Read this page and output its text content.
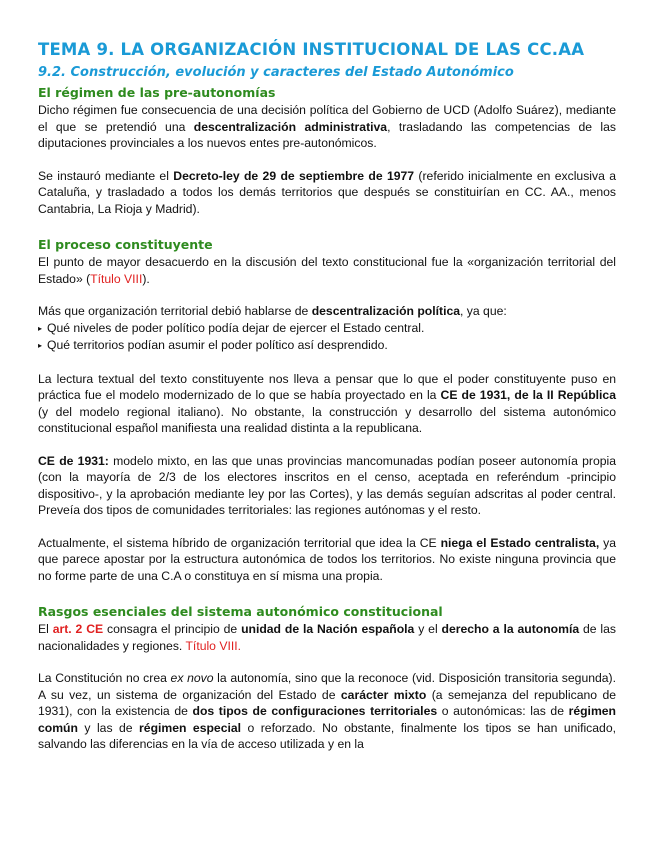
TEMA 9. LA ORGANIZACIÓN INSTITUCIONAL DE LAS CC.AA
9.2. Construcción, evolución y caracteres del Estado Autonómico
El régimen de las pre-autonomías

Dicho régimen fue consecuencia de una decisión política del Gobierno de UCD (Adolfo Suárez), mediante el que se pretendió una descentralización administrativa, trasladando las competencias de las diputaciones provinciales a los nuevos entes pre-autonómicos.

Se instauró mediante el Decreto-ley de 29 de septiembre de 1977 (referido inicialmente en exclusiva a Cataluña, y trasladado a todos los demás territorios que después se constituirían en CC. AA., menos Cantabria, La Rioja y Madrid).

El proceso constituyente

El punto de mayor desacuerdo en la discusión del texto constitucional fue la «organización territorial del Estado» (Título VIII).

Más que organización territorial debió hablarse de descentralización política, ya que:

▸ Qué niveles de poder político podía dejar de ejercer el Estado central.
▸ Qué territorios podían asumir el poder político así desprendido.

La lectura textual del texto constituyente nos lleva a pensar que lo que el poder constituyente puso en práctica fue el modelo modernizado de lo que se había proyectado en la CE de 1931, de la II República (y del modelo regional italiano). No obstante, la construcción y desarrollo del sistema autonómico constitucional español manifiesta una realidad distinta a la republicana.

CE de 1931: modelo mixto, en las que unas provincias mancomunadas podían poseer autonomía propia (con la mayoría de 2/3 de los electores inscritos en el censo, aceptada en referéndum -principio dispositivo-, y la aprobación mediante ley por las Cortes), y las demás seguían adscritas al poder central. Preveía dos tipos de comunidades territoriales: las regiones autónomas y el resto.

Actualmente, el sistema híbrido de organización territorial que idea la CE niega el Estado centralista, ya que parece apostar por la estructura autonómica de todos los territorios. No existe ninguna provincia que no forme parte de una C.A o constituya en sí misma una propia.

Rasgos esenciales del sistema autonómico constitucional

El art. 2 CE consagra el principio de unidad de la Nación española y el derecho a la autonomía de las nacionalidades y regiones. Título VIII.

La Constitución no crea ex novo la autonomía, sino que la reconoce (vid. Disposición transitoria segunda). A su vez, un sistema de organización del Estado de carácter mixto (a semejanza del republicano de 1931), con la existencia de dos tipos de configuraciones territoriales o autonómicas: las de régimen común y las de régimen especial o reforzado. No obstante, finalmente los tipos se han unificado, salvando las diferencias en la vía de acceso utilizada y en la
